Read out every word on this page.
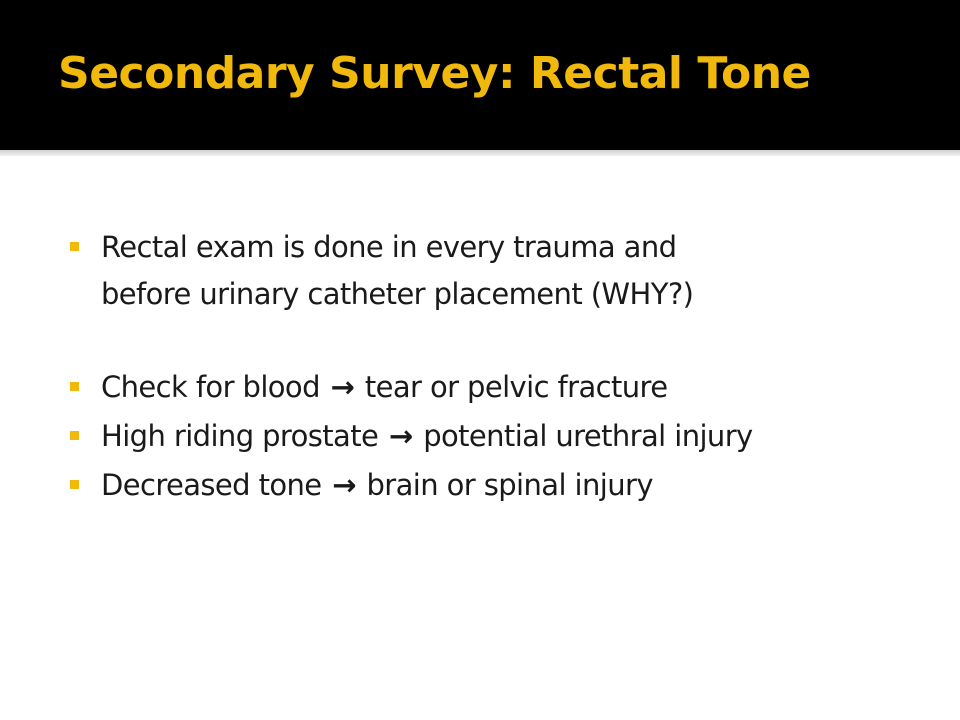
Secondary Survey: Rectal Tone
Rectal exam is done in every trauma and
before urinary catheter placement (WHY?)
Check for blood → tear or pelvic fracture
High riding prostate → potential urethral injury
Decreased tone → brain or spinal injury
